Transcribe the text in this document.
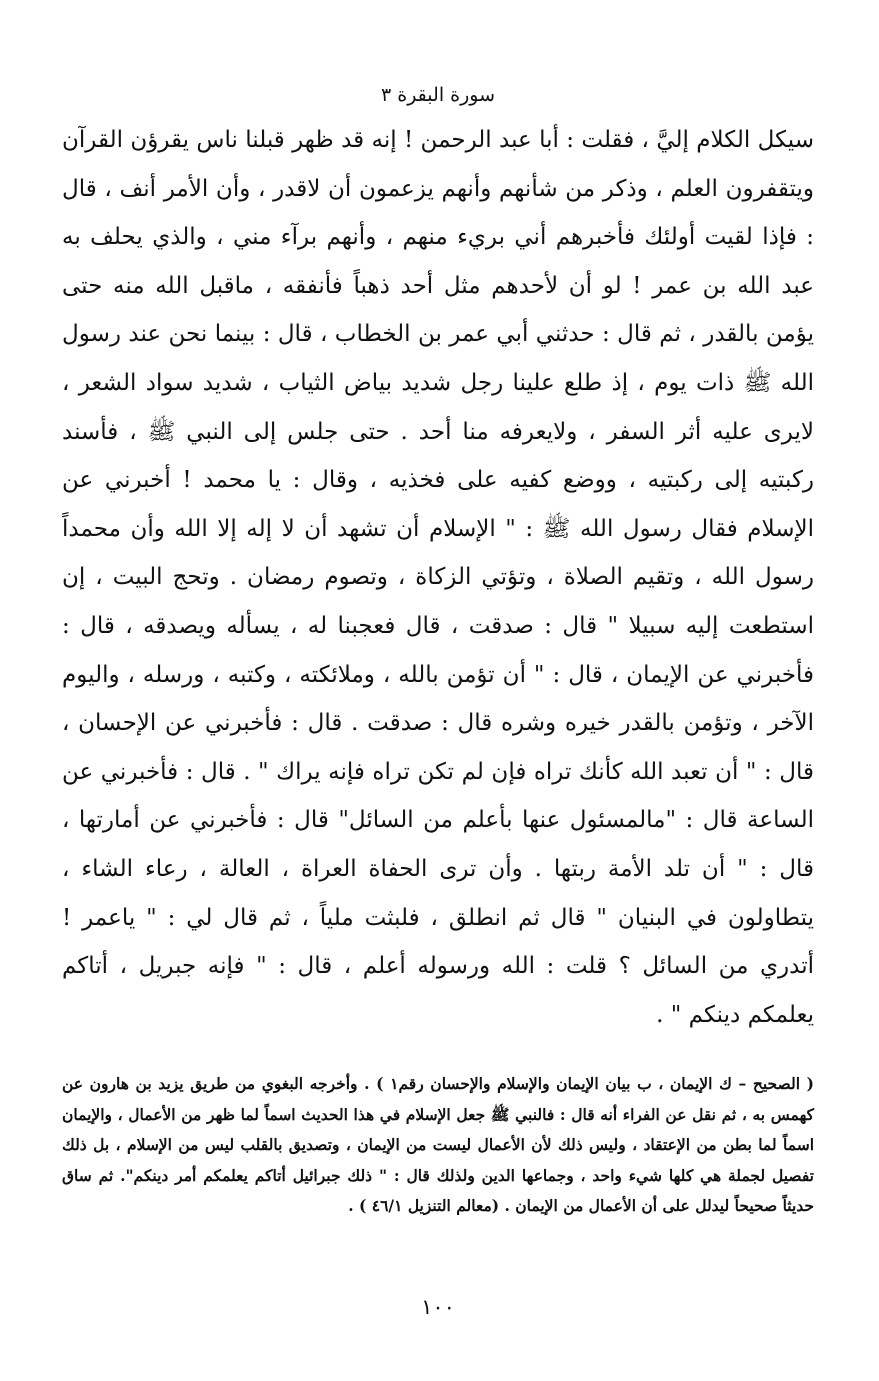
سورة البقرة ٣

سيكل الكلام إليَّ ، فقلت : أبا عبد الرحمن ! إنه قد ظهر قبلنا ناس يقرؤن القرآن ويتقفرون العلم ، وذكر من شأنهم وأنهم يزعمون أن لاقدر ، وأن الأمر أنف ، قال : فإذا لقيت أولئك فأخبرهم أني بريء منهم ، وأنهم برآء مني ، والذي يحلف به عبد الله بن عمر ! لو أن لأحدهم مثل أحد ذهباً فأنفقه ، ماقبل الله منه حتى يؤمن بالقدر ، ثم قال : حدثني أبي عمر بن الخطاب ، قال : بينما نحن عند رسول الله ﷺ ذات يوم ، إذ طلع علينا رجل شديد بياض الثياب ، شديد سواد الشعر ، لايرى عليه أثر السفر ، ولايعرفه منا أحد . حتى جلس إلى النبي ﷺ ، فأسند ركبتيه إلى ركبتيه ، ووضع كفيه على فخذيه ، وقال : يا محمد ! أخبرني عن الإسلام فقال رسول الله ﷺ : " الإسلام أن تشهد أن لا إله إلا الله وأن محمداً رسول الله ، وتقيم الصلاة ، وتؤتي الزكاة ، وتصوم رمضان . وتحج البيت ، إن استطعت إليه سبيلا " قال : صدقت ، قال فعجبنا له ، يسأله ويصدقه ، قال : فأخبرني عن الإيمان ، قال : " أن تؤمن بالله ، وملائكته ، وكتبه ، ورسله ، واليوم الآخر ، وتؤمن بالقدر خيره وشره قال : صدقت . قال : فأخبرني عن الإحسان ، قال : " أن تعبد الله كأنك تراه فإن لم تكن تراه فإنه يراك " . قال : فأخبرني عن الساعة قال : "مالمسئول عنها بأعلم من السائل" قال : فأخبرني عن أمارتها ، قال : " أن تلد الأمة ربتها . وأن ترى الحفاة العراة ، العالة ، رعاء الشاء ، يتطاولون في البنيان " قال ثم انطلق ، فلبثت ملياً ، ثم قال لي : " ياعمر ! أتدري من السائل ؟ قلت : الله ورسوله أعلم ، قال : " فإنه جبريل ، أتاكم يعلمكم دينكم " .

( الصحيح – ك الإيمان ، ب بيان الإيمان والإسلام والإحسان رقم١ ) . وأخرجه البغوي من طريق يزيد بن هارون عن كهمس به ، ثم نقل عن الفراء أنه قال : فالنبي ﷺ جعل الإسلام في هذا الحديث اسماً لما ظهر من الأعمال ، والإيمان اسماً لما بطن من الإعتقاد ، وليس ذلك لأن الأعمال ليست من الإيمان ، وتصديق بالقلب ليس من الإسلام ، بل ذلك تفصيل لجملة هي كلها شيء واحد ، وجماعها الدين ولذلك قال : " ذلك جبرائيل أتاكم يعلمكم أمر دينكم". ثم ساق حديثاً صحيحاً ليدلل على أن الأعمال من الإيمان . (معالم التنزيل ٤٦/١ ) .

١٠٠
